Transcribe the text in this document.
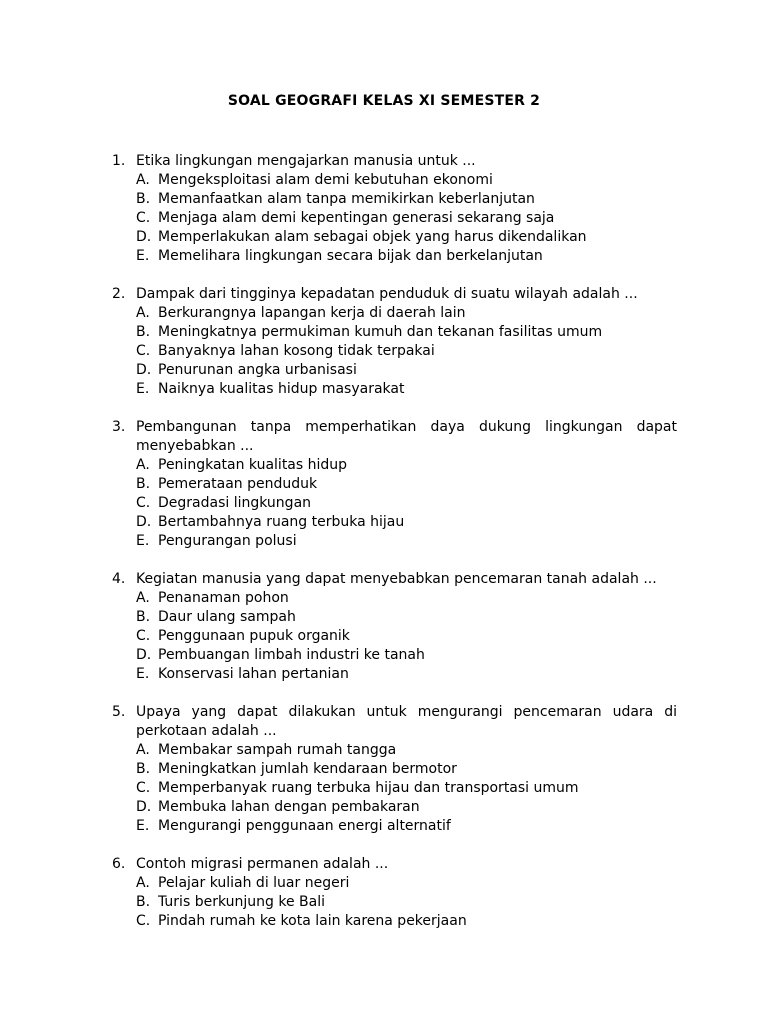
SOAL GEOGRAFI KELAS XI SEMESTER 2
1. Etika lingkungan mengajarkan manusia untuk ...
A. Mengeksploitasi alam demi kebutuhan ekonomi
B. Memanfaatkan alam tanpa memikirkan keberlanjutan
C. Menjaga alam demi kepentingan generasi sekarang saja
D. Memperlakukan alam sebagai objek yang harus dikendalikan
E. Memelihara lingkungan secara bijak dan berkelanjutan
2. Dampak dari tingginya kepadatan penduduk di suatu wilayah adalah ...
A. Berkurangnya lapangan kerja di daerah lain
B. Meningkatnya permukiman kumuh dan tekanan fasilitas umum
C. Banyaknya lahan kosong tidak terpakai
D. Penurunan angka urbanisasi
E. Naiknya kualitas hidup masyarakat
3. Pembangunan tanpa memperhatikan daya dukung lingkungan dapat
menyebabkan ...
A. Peningkatan kualitas hidup
B. Pemerataan penduduk
C. Degradasi lingkungan
D. Bertambahnya ruang terbuka hijau
E. Pengurangan polusi
4. Kegiatan manusia yang dapat menyebabkan pencemaran tanah adalah ...
A. Penanaman pohon
B. Daur ulang sampah
C. Penggunaan pupuk organik
D. Pembuangan limbah industri ke tanah
E. Konservasi lahan pertanian
5. Upaya yang dapat dilakukan untuk mengurangi pencemaran udara di
perkotaan adalah ...
A. Membakar sampah rumah tangga
B. Meningkatkan jumlah kendaraan bermotor
C. Memperbanyak ruang terbuka hijau dan transportasi umum
D. Membuka lahan dengan pembakaran
E. Mengurangi penggunaan energi alternatif
6. Contoh migrasi permanen adalah ...
A. Pelajar kuliah di luar negeri
B. Turis berkunjung ke Bali
C. Pindah rumah ke kota lain karena pekerjaan
